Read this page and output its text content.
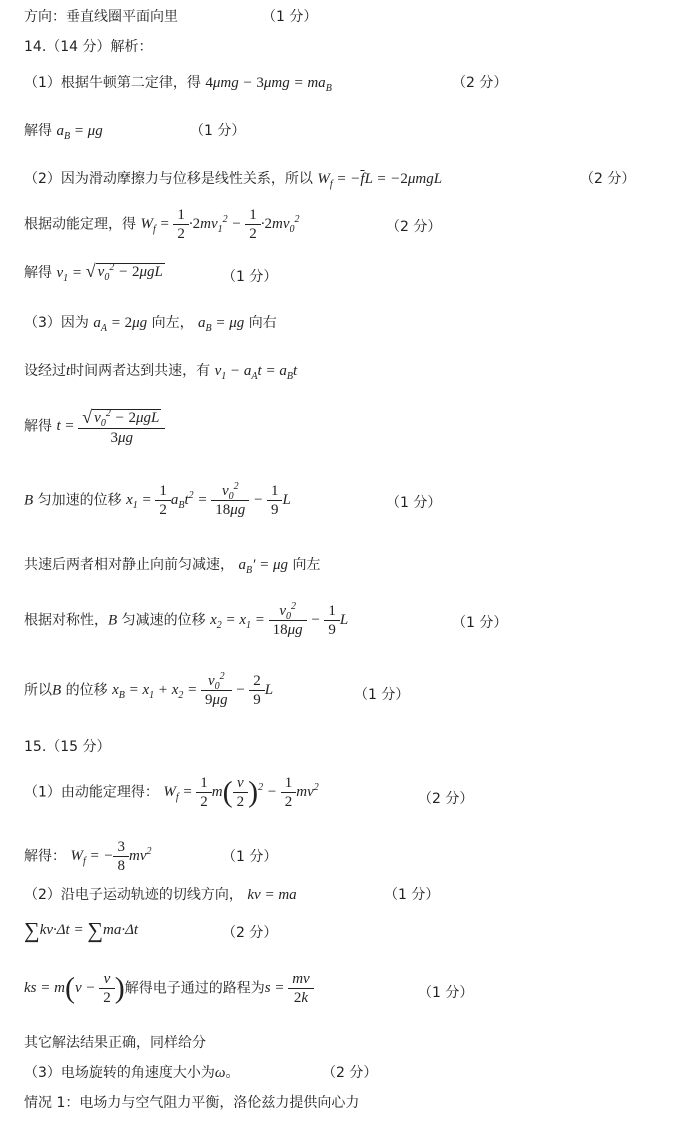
方向：垂直线圈平面向里	（1 分）
14.（14 分）解析：
（1）根据牛顿第二定律，得 $4\mu mg - 3\mu mg = ma_B$	（2 分）
解得 $a_B = \mu g$	（1 分）
（2）因为滑动摩擦力与位移是线性关系，所以 $W_f = -\overline{f}L = -2\mu mgL$	（2 分）
根据动能定理，得 $W_f = \frac{1}{2} \cdot 2mv_1^2 - \frac{1}{2} \cdot 2mv_0^2$	（2 分）
解得 $v_1$ = √ $v_0^2 - 2\mu gL$	（1 分）
（3）因为 $a_A = 2\mu g$ 向左， $a_B = \mu g$ 向右
设经过t时间两者达到共速，有 $v_1 - a_At = a_Bt$
解得 t = √ $v_0^2 - 2\mu gL$
3μg
B 匀加速的位移 $x_1 = \frac{1}{2} a_Bt^2 = \frac{v_0^2}{18\mu g} - \frac{1}{9}$ L	（1 分）
共速后两者相对静止向前匀减速， $a_B' = \mu g$ 向左
根据对称性，B 匀减速的位移 $x_2 = x_1 = \frac{v_0^2}{18\mu g} - \frac{1}{9}$ L	（1 分）
所以B 的位移 $x_B = x_1 + x_2 = \frac{v_0^2}{9\mu g} - \frac{2}{9}$ L	（1 分）
15.（15 分）
（1）由动能定理得： $W_f = \frac{1}{2} m( \frac{v}{2} )^2 - \frac{1}{2} mv^2$
（2 分）
解得： $W_f$ = − $\frac{3}{8} mv^2$	（1 分）
（2）沿电子运动轨迹的切线方向， kv = ma	（1 分）
∑kv·Δt = ∑ma·Δt	（2 分）
ks = $m(v - \frac{v}{2}$ )解得电子通过的路程为$s = \frac{mv}{2k}$	（1 分）
其它解法结果正确，同样给分
（3）电场旋转的角速度大小为ω。	（2 分）
情况 1：电场力与空气阻力平衡，洛伦兹力提供向心力
